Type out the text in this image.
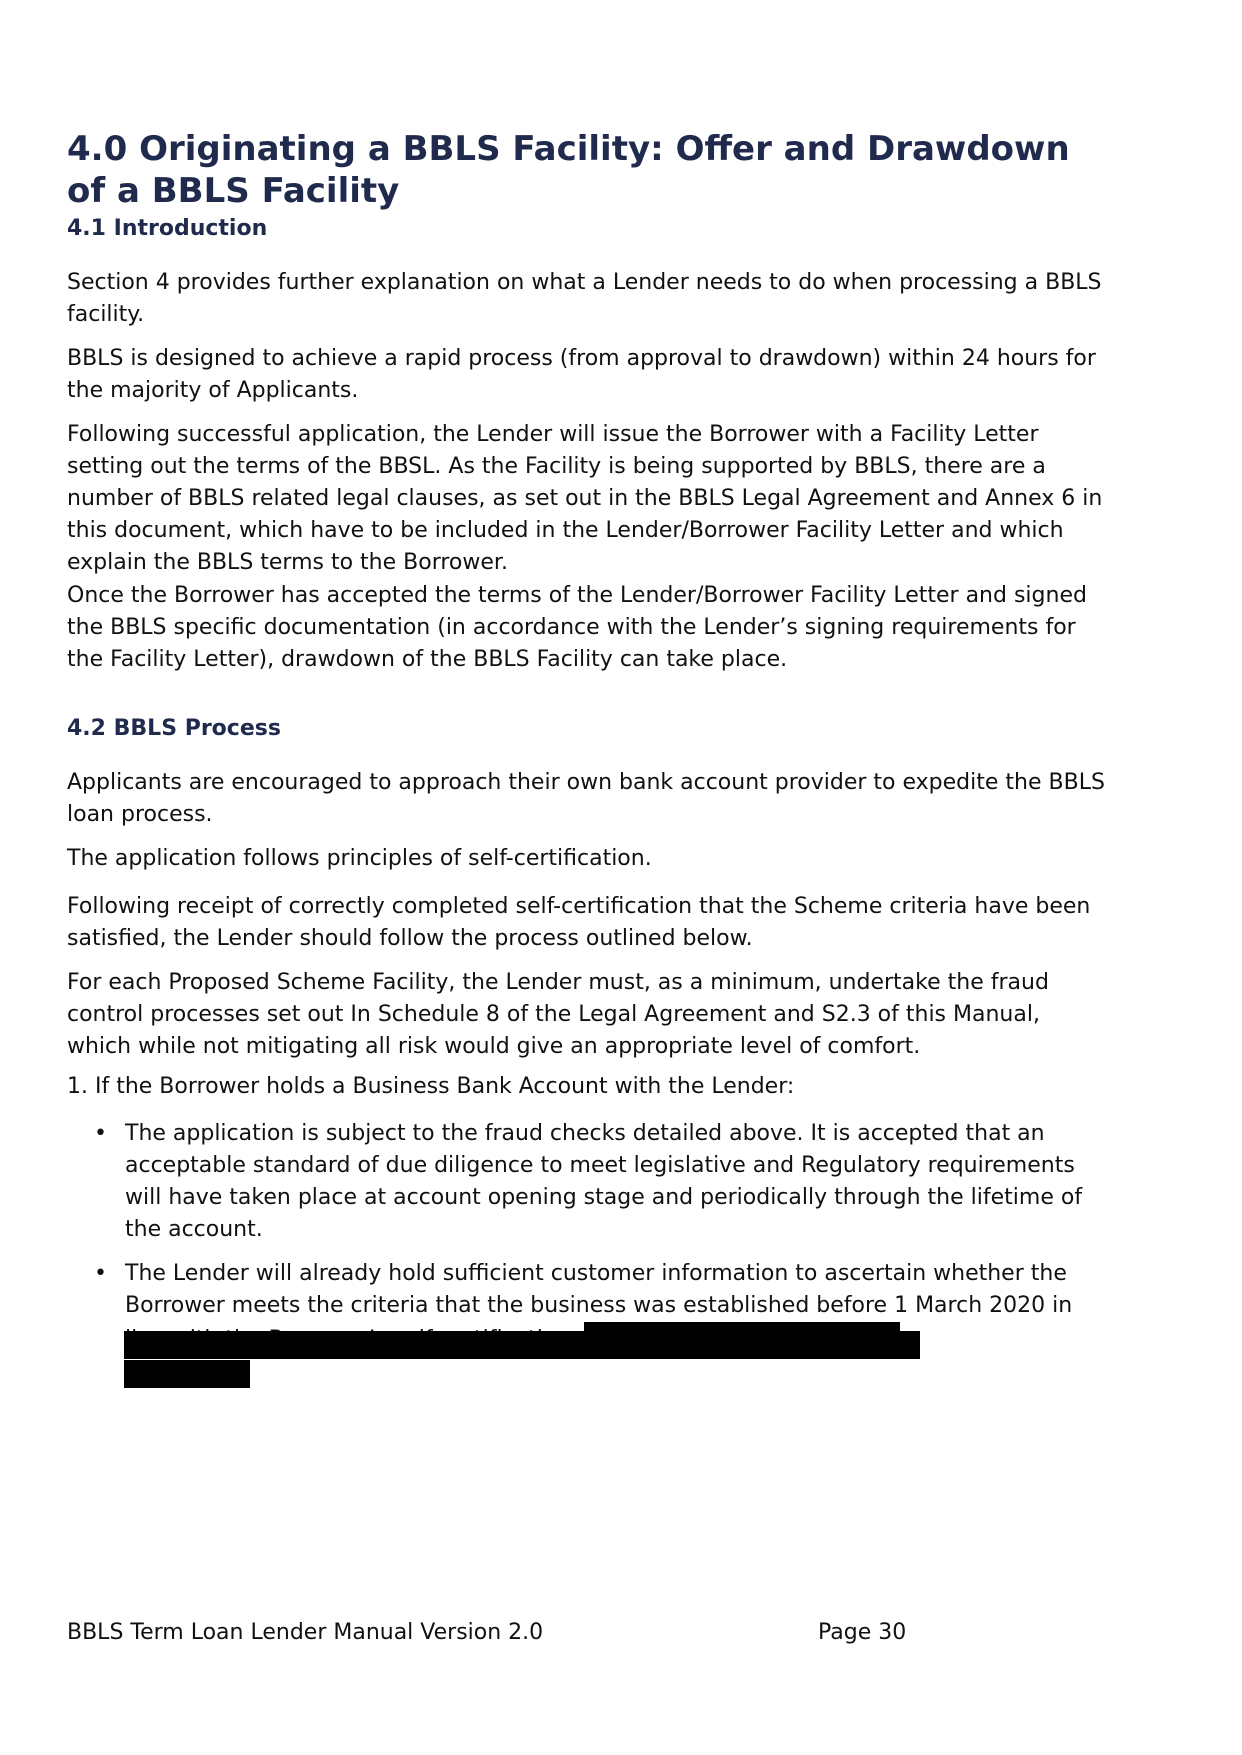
4.0 Originating a BBLS Facility: Offer and Drawdown of a BBLS Facility
4.1 Introduction

Section 4 provides further explanation on what a Lender needs to do when processing a BBLS facility.

BBLS is designed to achieve a rapid process (from approval to drawdown) within 24 hours for the majority of Applicants.

Following successful application, the Lender will issue the Borrower with a Facility Letter setting out the terms of the BBSL. As the Facility is being supported by BBLS, there are a number of BBLS related legal clauses, as set out in the BBLS Legal Agreement and Annex 6 in this document, which have to be included in the Lender/Borrower Facility Letter and which explain the BBLS terms to the Borrower.

Once the Borrower has accepted the terms of the Lender/Borrower Facility Letter and signed the BBLS specific documentation (in accordance with the Lender’s signing requirements for the Facility Letter), drawdown of the BBLS Facility can take place.

4.2 BBLS Process

Applicants are encouraged to approach their own bank account provider to expedite the BBLS loan process.

The application follows principles of self-certification.

Following receipt of correctly completed self-certification that the Scheme criteria have been satisfied, the Lender should follow the process outlined below.

For each Proposed Scheme Facility, the Lender must, as a minimum, undertake the fraud control processes set out In Schedule 8 of the Legal Agreement and S2.3 of this Manual, which while not mitigating all risk would give an appropriate level of comfort.

1. If the Borrower holds a Business Bank Account with the Lender:

• The application is subject to the fraud checks detailed above. It is accepted that an acceptable standard of due diligence to meet legislative and Regulatory requirements will have taken place at account opening stage and periodically through the lifetime of the account.
• The Lender will already hold sufficient customer information to ascertain whether the Borrower meets the criteria that the business was established before 1 March 2020 in
BBLS Term Loan Lender Manual Version 2.0	Page 30
